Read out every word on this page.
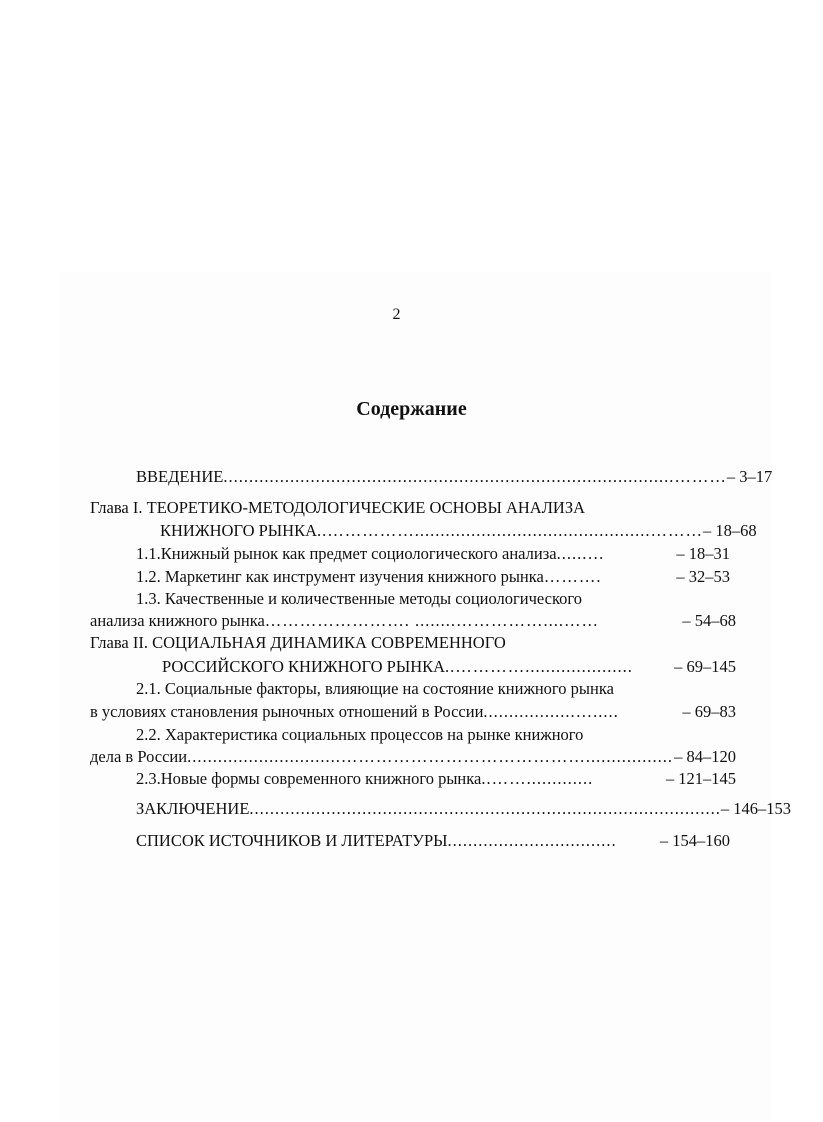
2
Содержание
ВВЕДЕНИЕ ........................................................................................……… – 3–17
Глава I. ТЕОРЕТИКО-МЕТОДОЛОГИЧЕСКИЕ ОСНОВЫ АНАЛИЗА
КНИЖНОГО РЫНКА ..……………..............................................……… – 18–68
1.1.Книжный рынок как предмет социологического анализа ......…	– 18–31
1.2. Маркетинг как инструмент изучения книжного рынка ……….	– 32–53
1.3. Качественные и количественные методы социологического
анализа книжного рынка ……………………. ........……………....……	– 54–68
Глава II. СОЦИАЛЬНАЯ ДИНАМИКА СОВРЕМЕННОГО
РОССИЙСКОГО КНИЖНОГО РЫНКА ..………….....................	– 69–145
2.1. Социальные факторы, влияющие на состояние книжного рынка
в условиях становления рыночных отношений в России ..................….....	– 69–83
2.2. Характеристика социальных процессов на рынке книжного
дела в России ..............................……………………………………................. – 84–120
2.3.Новые формы современного книжного рынка ..…….............	– 121–145
ЗАКЛЮЧЕНИЕ ............................................................................................ – 146–153
СПИСОК ИСТОЧНИКОВ И ЛИТЕРАТУРЫ .................................	– 154–160
